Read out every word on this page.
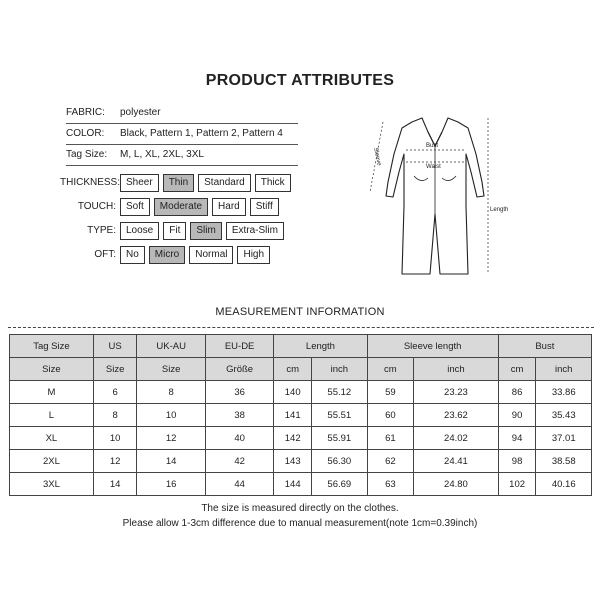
PRODUCT ATTRIBUTES
FABRIC:	polyester
COLOR:	Black, Pattern 1, Pattern 2, Pattern 4
Tag Size:	M, L, XL, 2XL, 3XL
THICKNESS: Sheer	Thin	Standard	Thick
TOUCH:	Soft	Moderate	Hard	Stiff
TYPE:	Loose	Fit	Slim	Extra-Slim
OFT:	No	Micro	Normal	High
Bust
Waist
Length
Sleeve
MEASUREMENT INFORMATION
Tag Size	US	UK-AU	EU-DE	Length		Sleeve length		Bust	
Size	Size	Size	Größe	cm	inch	cm	inch	cm	inch
M	6	8	36	140	55.12	59	23.23	86	33.86
L	8	10	38	141	55.51	60	23.62	90	35.43
XL	10	12	40	142	55.91	61	24.02	94	37.01
2XL	12	14	42	143	56.30	62	24.41	98	38.58
3XL	14	16	44	144	56.69	63	24.80	102	40.16
The size is measured directly on the clothes.
Please allow 1-3cm difference due to manual measurement(note 1cm=0.39inch)
